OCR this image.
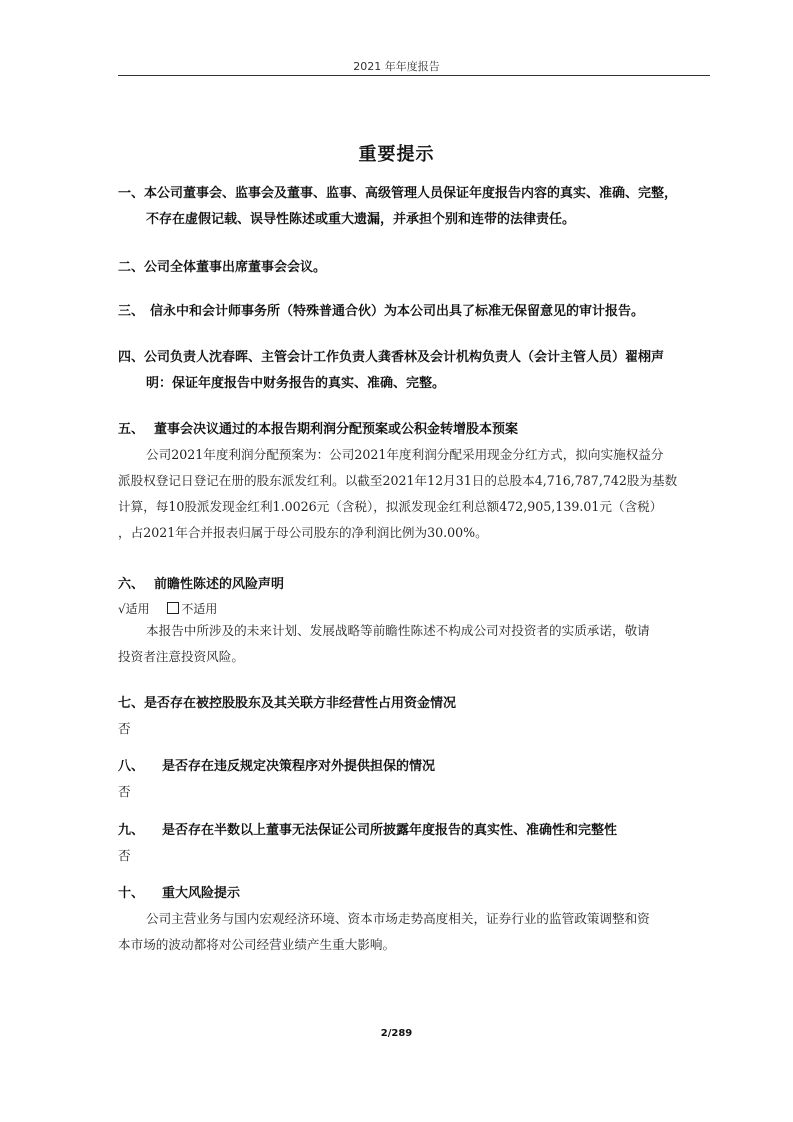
2021 年年度报告
重要提示
一、本公司董事会、监事会及董事、监事、高级管理人员保证年度报告内容的真实、准确、完整，
不存在虚假记载、误导性陈述或重大遗漏，并承担个别和连带的法律责任。
二、公司全体董事出席董事会会议。
三、 信永中和会计师事务所（特殊普通合伙）为本公司出具了标准无保留意见的审计报告。
四、公司负责人沈春晖、主管会计工作负责人龚香林及会计机构负责人（会计主管人员）翟栩声
明：保证年度报告中财务报告的真实、准确、完整。
五、 董事会决议通过的本报告期利润分配预案或公积金转增股本预案
公司2021年度利润分配预案为：公司2021年度利润分配采用现金分红方式，拟向实施权益分
派股权登记日登记在册的股东派发红利。以截至2021年12月31日的总股本4,716,787,742股为基数
计算，每10股派发现金红利1.0026元（含税），拟派发现金红利总额472,905,139.01元（含税）
，占2021年合并报表归属于母公司股东的净利润比例为30.00%。
六、 前瞻性陈述的风险声明
√适用	不适用
本报告中所涉及的未来计划、发展战略等前瞻性陈述不构成公司对投资者的实质承诺，敬请
投资者注意投资风险。
七、是否存在被控股股东及其关联方非经营性占用资金情况
否
八、 是否存在违反规定决策程序对外提供担保的情况
否
九、 是否存在半数以上董事无法保证公司所披露年度报告的真实性、准确性和完整性
否
十、 重大风险提示
公司主营业务与国内宏观经济环境、资本市场走势高度相关，证券行业的监管政策调整和资
本市场的波动都将对公司经营业绩产生重大影响。
2/289
